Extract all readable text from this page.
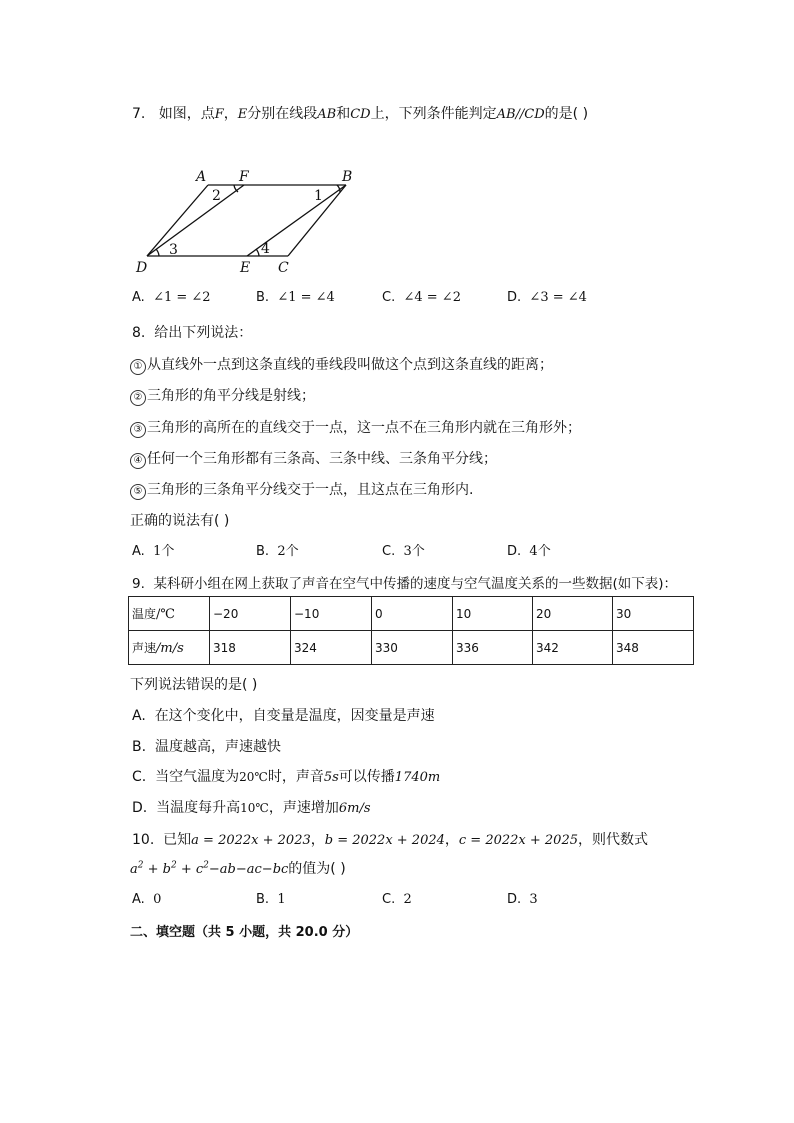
7. 如图，点F，E分别在线段AB和CD上，下列条件能判定AB//CD的是( )
A F	B
D	E C
1
2
3	4
A. ∠1 = ∠2	B. ∠1 = ∠4	C. ∠4 = ∠2	D. ∠3 = ∠4
8. 给出下列说法：
① 从直线外一点到这条直线的垂线段叫做这个点到这条直线的距离；
② 三角形的角平分线是射线；
③ 三角形的高所在的直线交于一点，这一点不在三角形内就在三角形外；
④ 任何一个三角形都有三条高、三条中线、三条角平分线；
⑤ 三角形的三条角平分线交于一点，且这点在三角形内.
正确的说法有( )
A. 1个	B. 2个	C. 3个	D. 4个
9. 某科研小组在网上获取了声音在空气中传播的速度与空气温度关系的一些数据(如下表)：
温度/℃	−20	−10	0	10	20	30
声速/m/s	318	324	330	336	342	348
下列说法错误的是( )
A. 在这个变化中，自变量是温度，因变量是声速
B. 温度越高，声速越快
C. 当空气温度为20℃时，声音5s可以传播1740m
D. 当温度每升高10℃，声速增加6m/s
10. 已知a = 2022x + 2023，b = 2022x + 2024，c = 2022x + 2025，则代数式
$a^2 + b^2 + c^2-ab-ac-bc$的值为( )
A. 0	B. 1	C. 2	D. 3
二、填空题（共 5 小题，共 20.0 分）
